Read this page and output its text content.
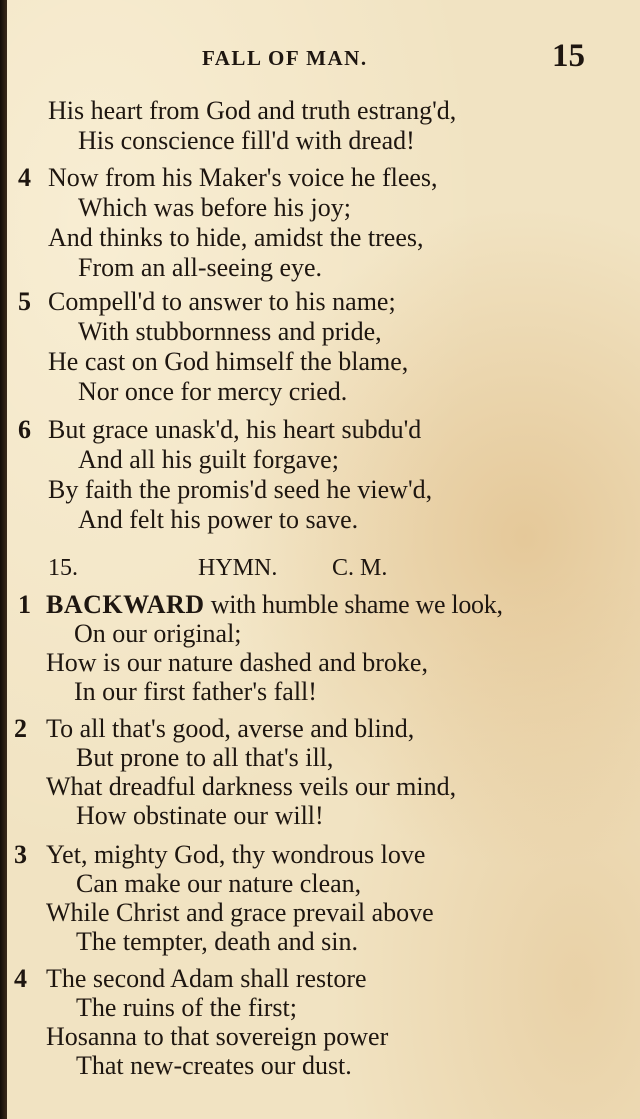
FALL OF MAN.	15
His heart from God and truth estrang'd,
His conscience fill'd with dread!
4 Now from his Maker's voice he flees,
Which was before his joy;
And thinks to hide, amidst the trees,
From an all-seeing eye.
5 Compell'd to answer to his name;
With stubbornness and pride,
He cast on God himself the blame,
Nor once for mercy cried.
6 But grace unask'd, his heart subdu'd
And all his guilt forgave;
By faith the promis'd seed he view'd,
And felt his power to save.
15.	HYMN. C. M.
1 BACKWARD with humble shame we look,
On our original;
How is our nature dashed and broke,
In our first father's fall!
2 To all that's good, averse and blind,
But prone to all that's ill,
What dreadful darkness veils our mind,
How obstinate our will!
3 Yet, mighty God, thy wondrous love
Can make our nature clean,
While Christ and grace prevail above
The tempter, death and sin.
4 The second Adam shall restore
The ruins of the first;
Hosanna to that sovereign power
That new-creates our dust.
